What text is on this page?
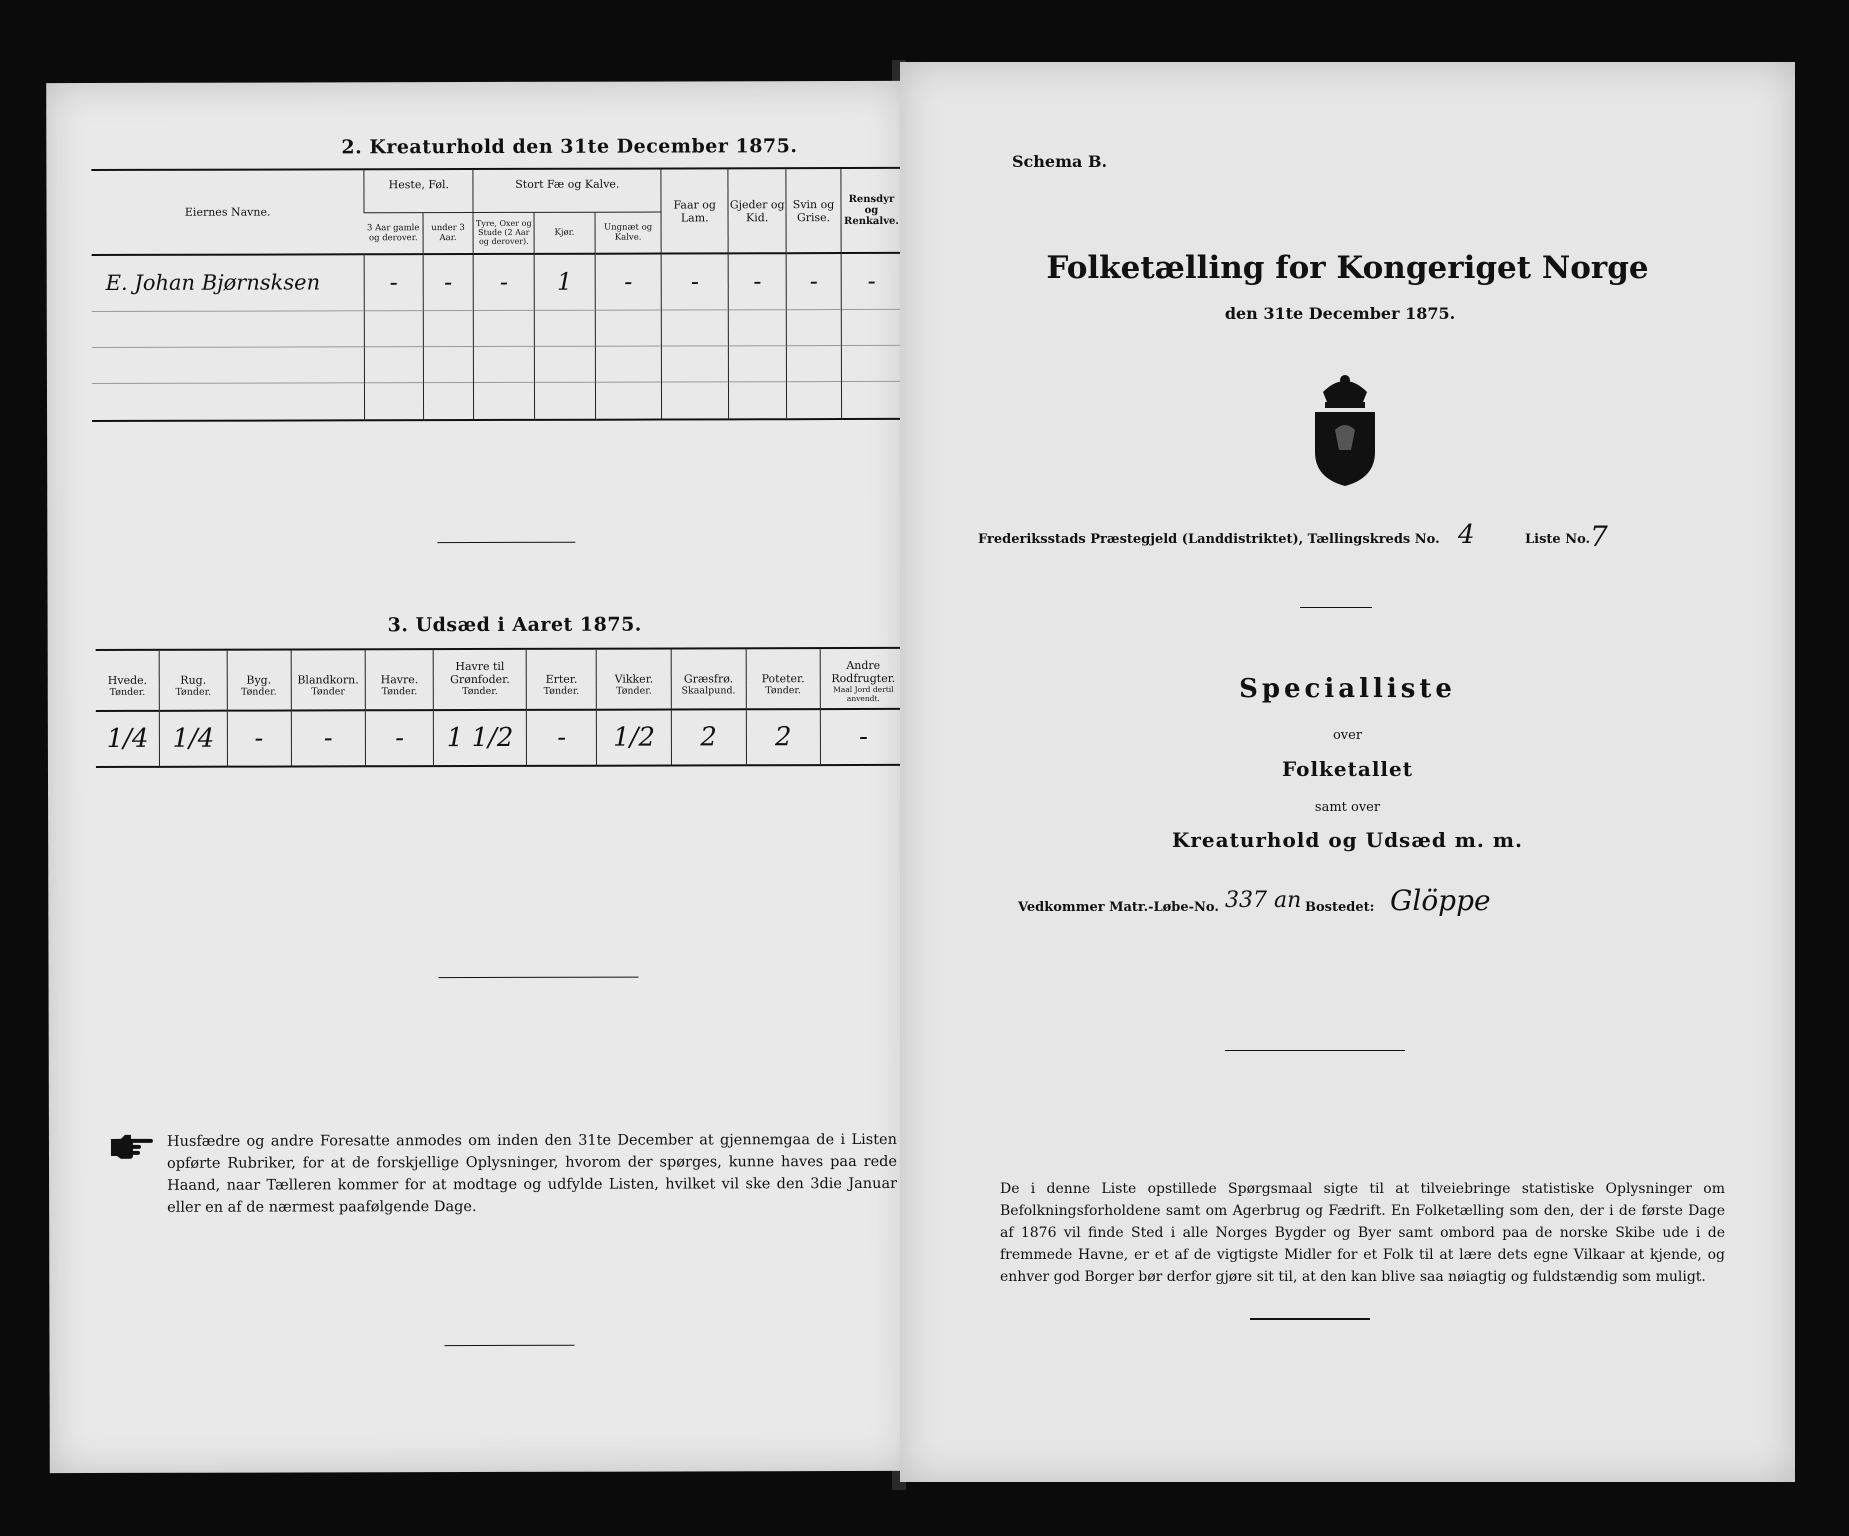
2. Kreaturhold den 31te December 1875.
Eiernes Navne.	Heste, Føl.		Stort Fæ og Kalve.			Faar og Lam.	Gjeder og Kid.	Svin og Grise.	Rensdyr og Renkalve.
	3 Aar gamle og derover.	under 3 Aar.	Tyre, Oxer og Stude (2 Aar og derover).	Kjør.	Ungnæt og Kalve.				
E. Johan Bjørnsksen	-	-	-	1	-	-	-	-	-

3. Udsæd i Aaret 1875.
Hvede.	Rug.	Byg.	Blandkorn.	Havre.	Havre til Grønfoder.	Erter.	Vikker.	Græsfrø.	Poteter.	Andre Rodfrugter.
Tønder.	Tønder.	Tønder.	Tønder	Tønder.	Tønder.	Tønder.	Tønder.	Skaalpund.	Tønder.	Maal Jord dertil anvendt.
1/4	1/4	-	-	-	1 1/2	-	1/2	2	2	-
Husfædre og andre Foresatte anmodes om inden den 31te December at gjennemgaa de i Listen opførte Rubriker, for at de forskjellige Oplysninger, hvorom der spørges, kunne haves paa rede Haand, naar Tælleren kommer for at modtage og udfylde Listen, hvilket vil ske den 3die Januar eller en af de nærmest paafølgende Dage.
Schema B.
Folketælling for Kongeriget Norge
den 31te December 1875.
Frederiksstads Præstegjeld (Landdistriktet), Tællingskreds No. 4	Liste No. 7
Specialliste
over
Folketallet
samt over
Kreaturhold og Udsæd m. m.
Vedkommer Matr.-Løbe-No. 337 an Bostedet: Glöppe
De i denne Liste opstillede Spørgsmaal sigte til at tilveiebringe statistiske Oplysninger om Befolkningsforholdene samt om Agerbrug og Fædrift. En Folketælling som den, der i de første Dage af 1876 vil finde Sted i alle Norges Bygder og Byer samt ombord paa de norske Skibe ude i de fremmede Havne, er et af de vigtigste Midler for et Folk til at lære dets egne Vilkaar at kjende, og enhver god Borger bør derfor gjøre sit til, at den kan blive saa nøiagtig og fuldstændig som muligt.
